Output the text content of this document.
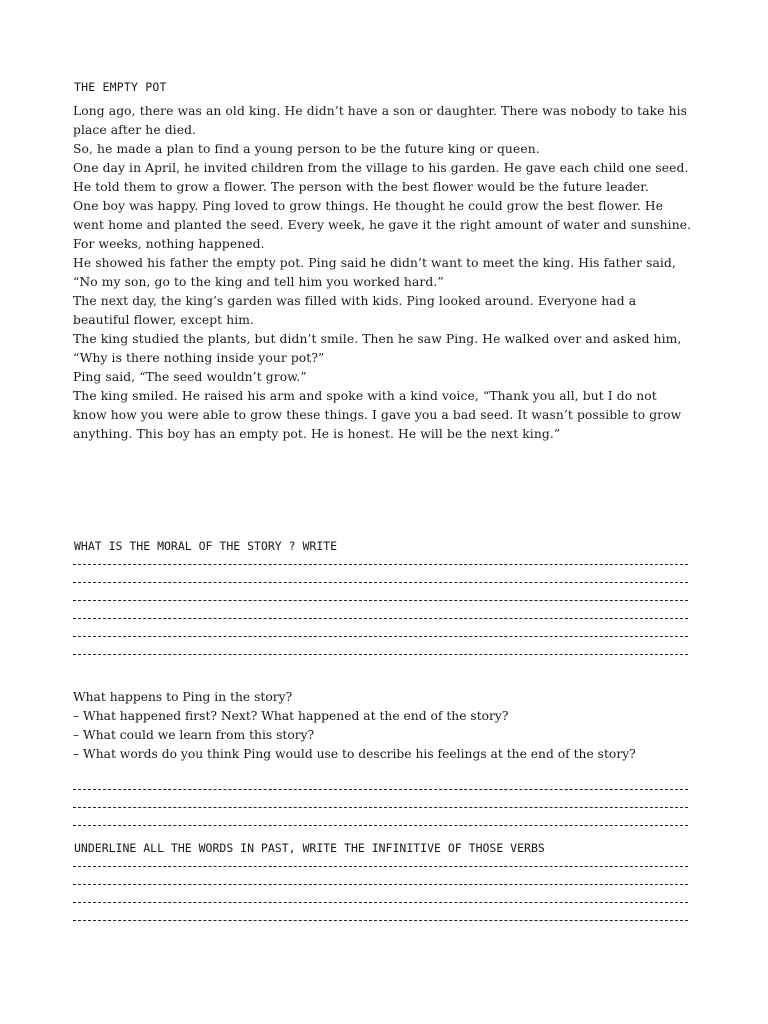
THE EMPTY POT

Long ago, there was an old king. He didn’t have a son or daughter. There was nobody to take his place after he died.

So, he made a plan to find a young person to be the future king or queen.

One day in April, he invited children from the village to his garden. He gave each child one seed. He told them to grow a flower. The person with the best flower would be the future leader.

One boy was happy. Ping loved to grow things. He thought he could grow the best flower. He went home and planted the seed. Every week, he gave it the right amount of water and sunshine.

For weeks, nothing happened.

He showed his father the empty pot. Ping said he didn’t want to meet the king. His father said, “No my son, go to the king and tell him you worked hard.”

The next day, the king’s garden was filled with kids. Ping looked around. Everyone had a beautiful flower, except him.

The king studied the plants, but didn’t smile. Then he saw Ping. He walked over and asked him, “Why is there nothing inside your pot?”

Ping said, “The seed wouldn’t grow.”

The king smiled. He raised his arm and spoke with a kind voice, “Thank you all, but I do not know how you were able to grow these things. I gave you a bad seed. It wasn’t possible to grow anything. This boy has an empty pot. He is honest. He will be the next king.”

WHAT IS THE MORAL OF THE STORY ? WRITE

What happens to Ping in the story?

– What happened first? Next? What happened at the end of the story?

– What could we learn from this story?

– What words do you think Ping would use to describe his feelings at the end of the story?

UNDERLINE ALL THE WORDS IN PAST, WRITE THE INFINITIVE OF THOSE VERBS
